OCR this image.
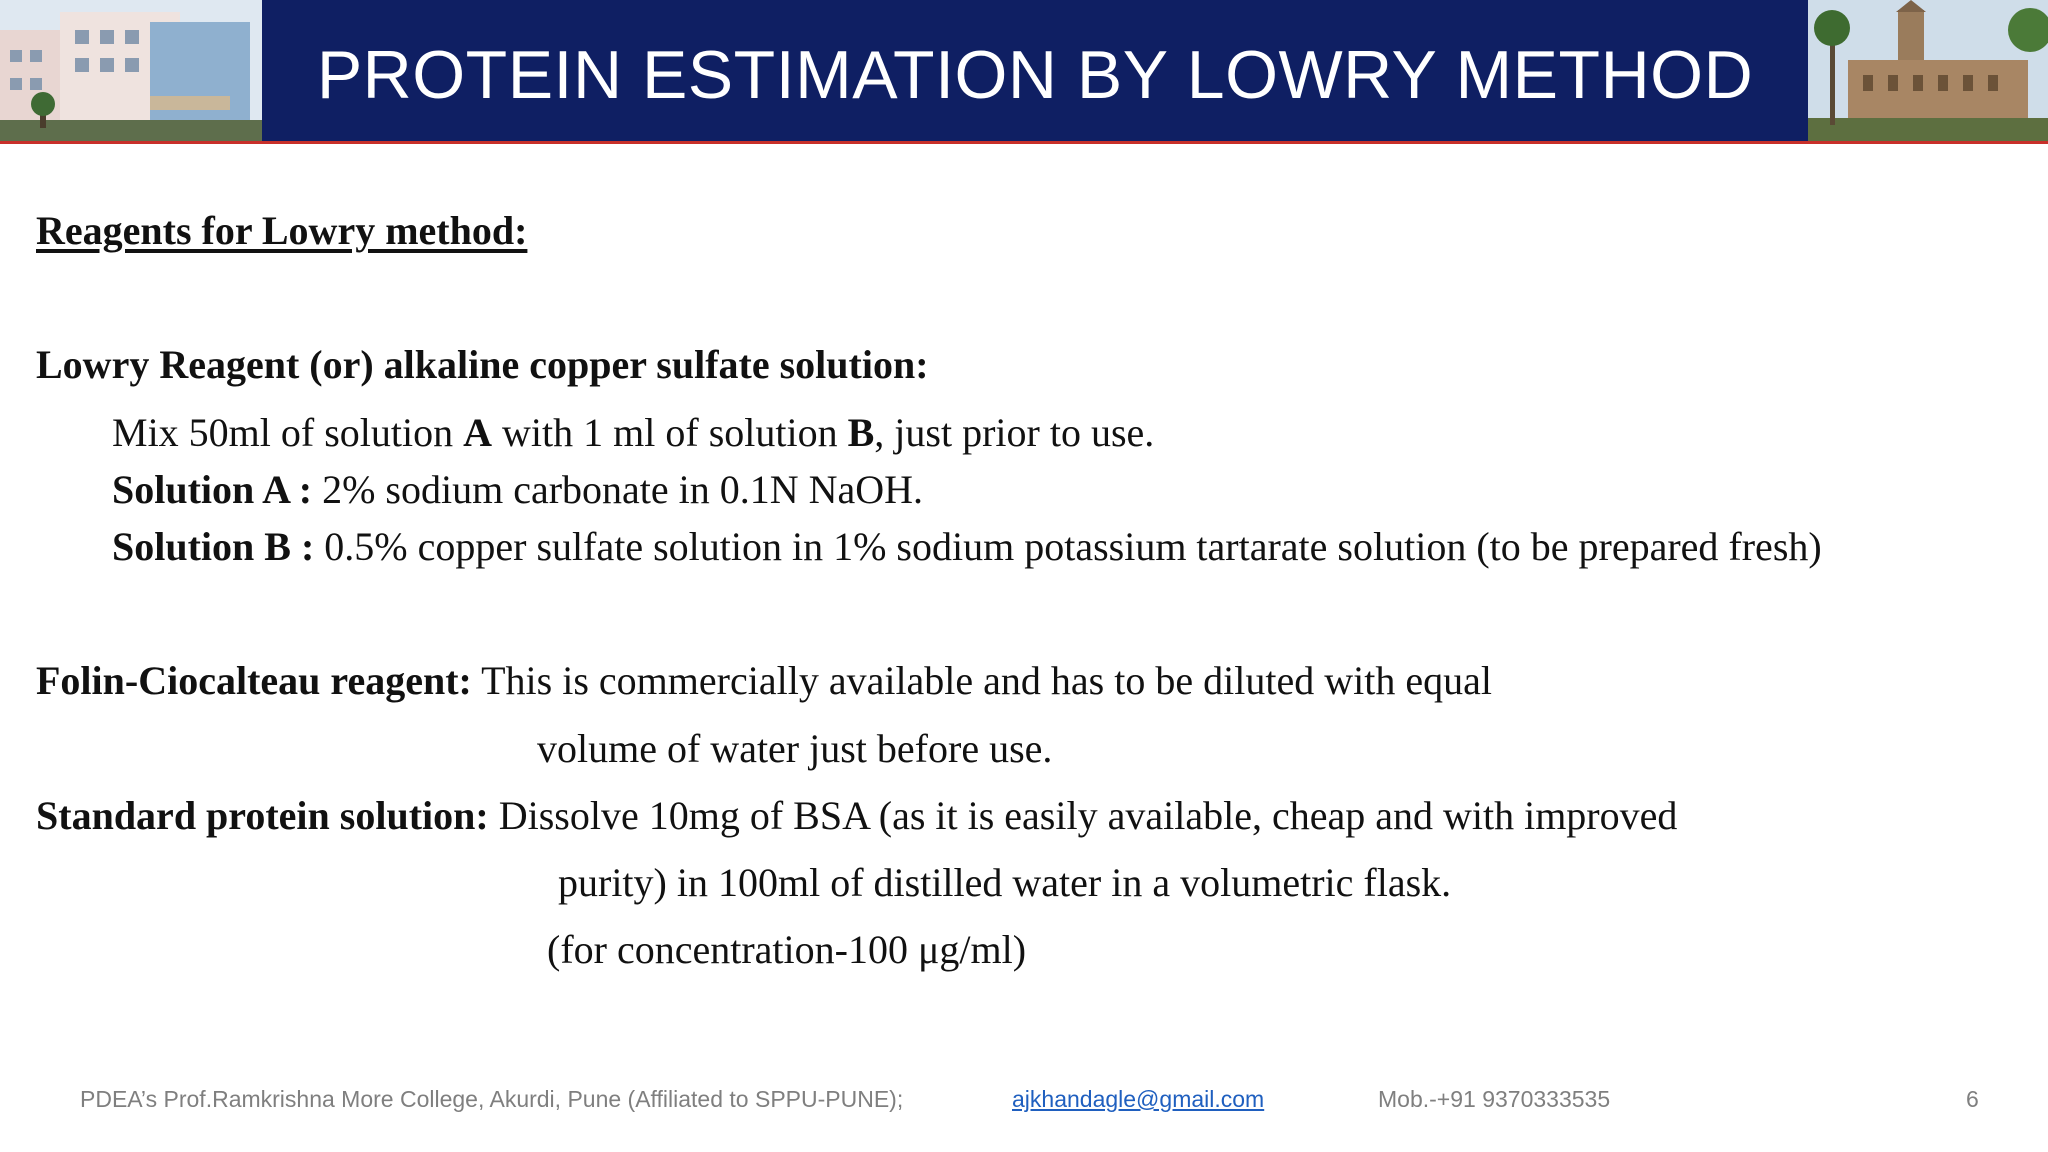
PROTEIN ESTIMATION BY LOWRY METHOD
Reagents for Lowry method:
Lowry Reagent (or) alkaline copper sulfate solution:
Mix 50ml of solution A with 1 ml of solution B, just prior to use.
Solution A : 2% sodium carbonate in 0.1N NaOH.
Solution B : 0.5% copper sulfate solution in 1% sodium potassium tartarate solution (to be prepared fresh)
Folin-Ciocalteau reagent: This is commercially available and has to be diluted with equal
volume of water just before use.
Standard protein solution: Dissolve 10mg of BSA (as it is easily available, cheap and with improved
purity) in 100ml of distilled water in a volumetric flask.
(for concentration-100 μg/ml)
PDEA’s Prof.Ramkrishna More College, Akurdi, Pune (Affiliated to SPPU-PUNE);	ajkhandagle@gmail.com	Mob.-+91 9370333535	6
